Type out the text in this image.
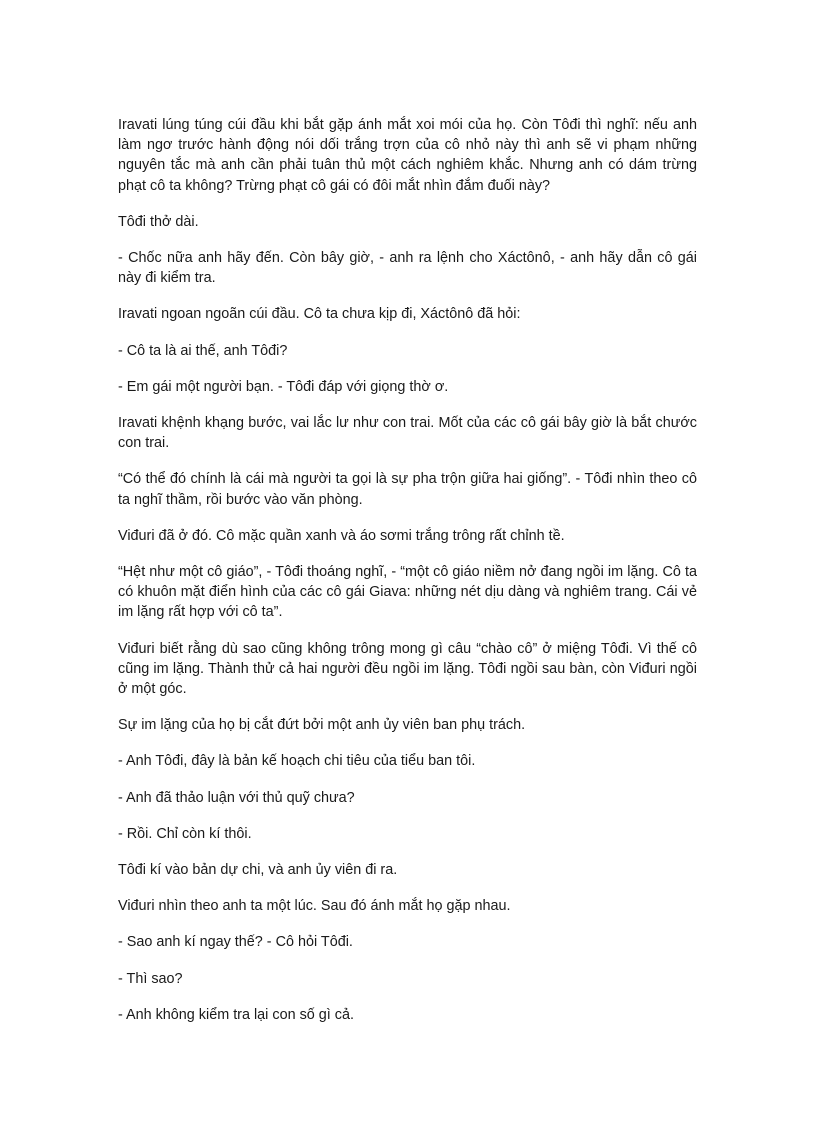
Iravati lúng túng cúi đầu khi bắt gặp ánh mắt xoi mói của họ. Còn Tôđi thì nghĩ: nếu anh làm ngơ trước hành động nói dối trắng trợn của cô nhỏ này thì anh sẽ vi phạm những nguyên tắc mà anh cần phải tuân thủ một cách nghiêm khắc. Nhưng anh có dám trừng phạt cô ta không? Trừng phạt cô gái có đôi mắt nhìn đắm đuối này?

Tôđi thở dài.

- Chốc nữa anh hãy đến. Còn bây giờ, - anh ra lệnh cho Xáctônô, - anh hãy dẫn cô gái này đi kiểm tra.

Iravati ngoan ngoãn cúi đầu. Cô ta chưa kịp đi, Xáctônô đã hỏi:

- Cô ta là ai thế, anh Tôđi?

- Em gái một người bạn. - Tôđi đáp với giọng thờ ơ.

Iravati khệnh khạng bước, vai lắc lư như con trai. Mốt của các cô gái bây giờ là bắt chước con trai.

“Có thể đó chính là cái mà người ta gọi là sự pha trộn giữa hai giống”. - Tôđi nhìn theo cô ta nghĩ thầm, rồi bước vào văn phòng.

Viđuri đã ở đó. Cô mặc quần xanh và áo sơmi trắng trông rất chỉnh tề.

“Hệt như một cô giáo”, - Tôđi thoáng nghĩ, - “một cô giáo niềm nở đang ngồi im lặng. Cô ta có khuôn mặt điển hình của các cô gái Giava: những nét dịu dàng và nghiêm trang. Cái vẻ im lặng rất hợp với cô ta”.

Viđuri biết rằng dù sao cũng không trông mong gì câu “chào cô” ở miệng Tôđi. Vì thế cô cũng im lặng. Thành thử cả hai người đều ngồi im lặng. Tôđi ngồi sau bàn, còn Viđuri ngồi ở một góc.

Sự im lặng của họ bị cắt đứt bởi một anh ủy viên ban phụ trách.

- Anh Tôđi, đây là bản kế hoạch chi tiêu của tiểu ban tôi.

- Anh đã thảo luận với thủ quỹ chưa?

- Rồi. Chỉ còn kí thôi.

Tôđi kí vào bản dự chi, và anh ủy viên đi ra.

Viđuri nhìn theo anh ta một lúc. Sau đó ánh mắt họ gặp nhau.

- Sao anh kí ngay thế? - Cô hỏi Tôđi.

- Thì sao?

- Anh không kiểm tra lại con số gì cả.
